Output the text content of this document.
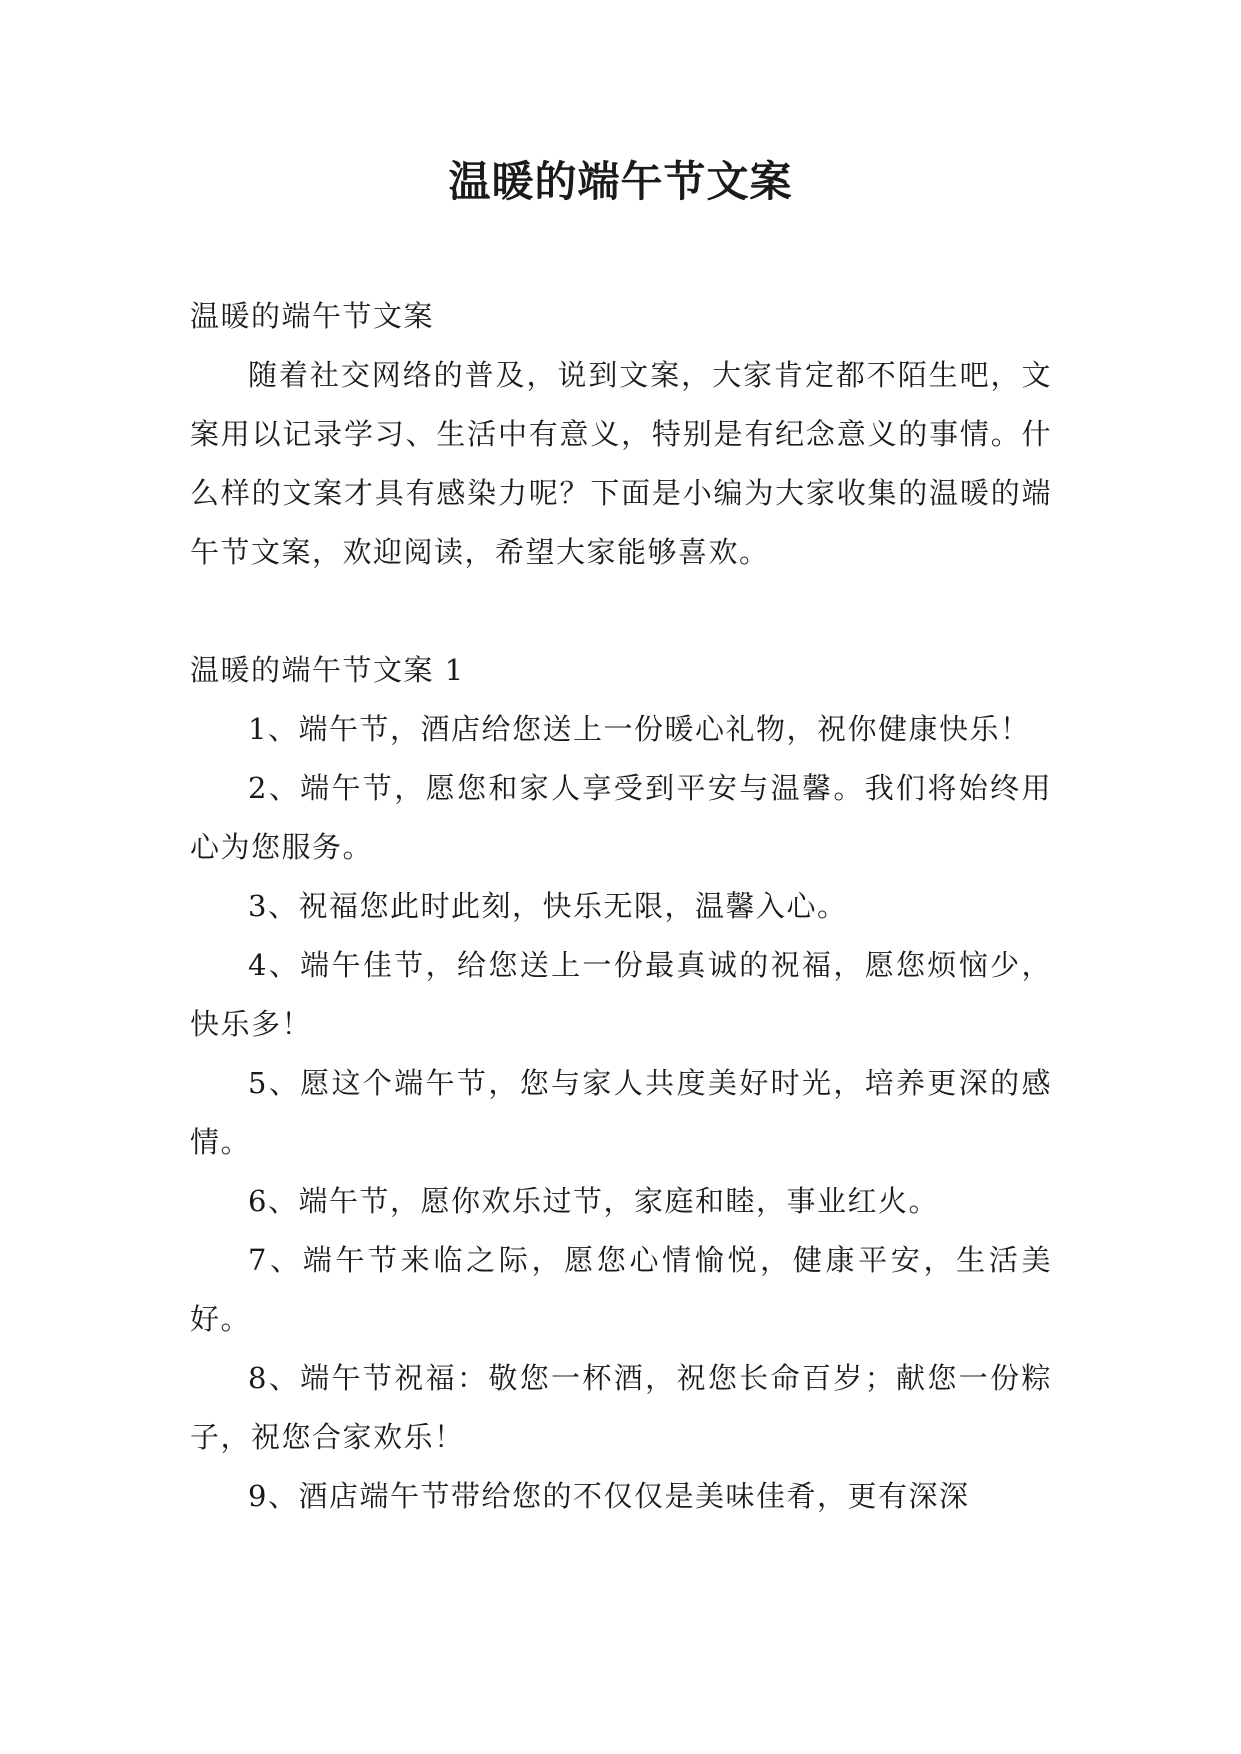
温暖的端午节文案

温暖的端午节文案

随着社交网络的普及，说到文案，大家肯定都不陌生吧，文案用以记录学习、生活中有意义，特别是有纪念意义的事情。什么样的文案才具有感染力呢？下面是小编为大家收集的温暖的端午节文案，欢迎阅读，希望大家能够喜欢。

温暖的端午节文案 1

1、端午节，酒店给您送上一份暖心礼物，祝你健康快乐！

2、端午节，愿您和家人享受到平安与温馨。我们将始终用心为您服务。

3、祝福您此时此刻，快乐无限，温馨入心。

4、端午佳节，给您送上一份最真诚的祝福，愿您烦恼少，快乐多！

5、愿这个端午节，您与家人共度美好时光，培养更深的感情。

6、端午节，愿你欢乐过节，家庭和睦，事业红火。

7、端午节来临之际，愿您心情愉悦，健康平安，生活美好。

8、端午节祝福：敬您一杯酒，祝您长命百岁；献您一份粽子，祝您合家欢乐！

9、酒店端午节带给您的不仅仅是美味佳肴，更有深深
